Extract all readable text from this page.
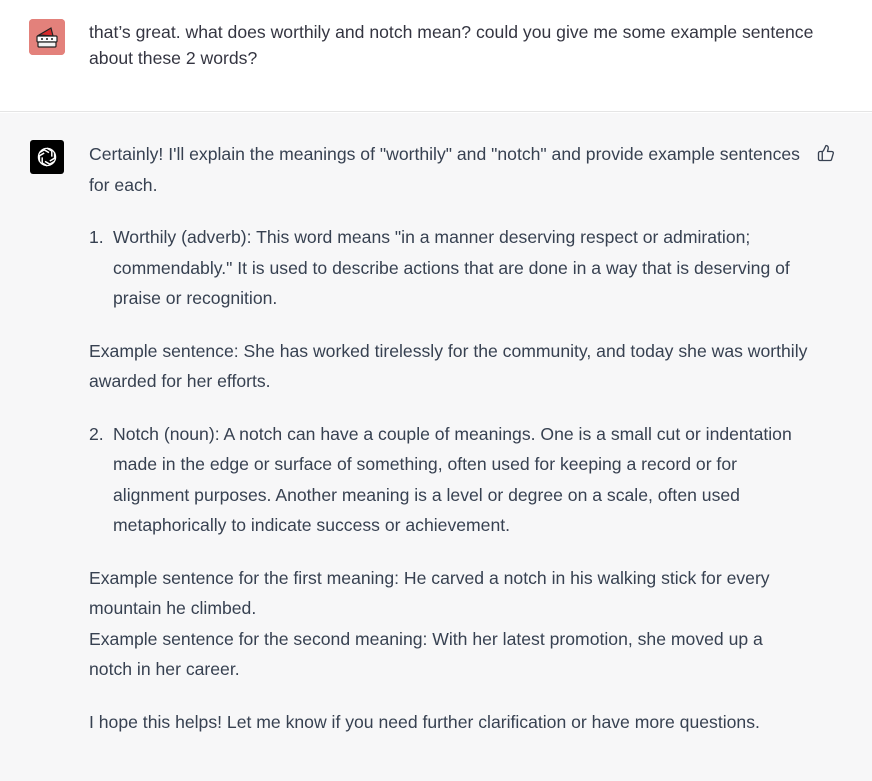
that’s great. what does worthily and notch mean? could you give me some example sentence about these 2 words?

Certainly! I'll explain the meanings of "worthily" and "notch" and provide example sentences for each.

1. Worthily (adverb): This word means "in a manner deserving respect or admiration; commendably." It is used to describe actions that are done in a way that is deserving of praise or recognition.

Example sentence: She has worked tirelessly for the community, and today she was worthily awarded for her efforts.

2. Notch (noun): A notch can have a couple of meanings. One is a small cut or indentation made in the edge or surface of something, often used for keeping a record or for alignment purposes. Another meaning is a level or degree on a scale, often used metaphorically to indicate success or achievement.

Example sentence for the first meaning: He carved a notch in his walking stick for every mountain he climbed.

Example sentence for the second meaning: With her latest promotion, she moved up a notch in her career.

I hope this helps! Let me know if you need further clarification or have more questions.
